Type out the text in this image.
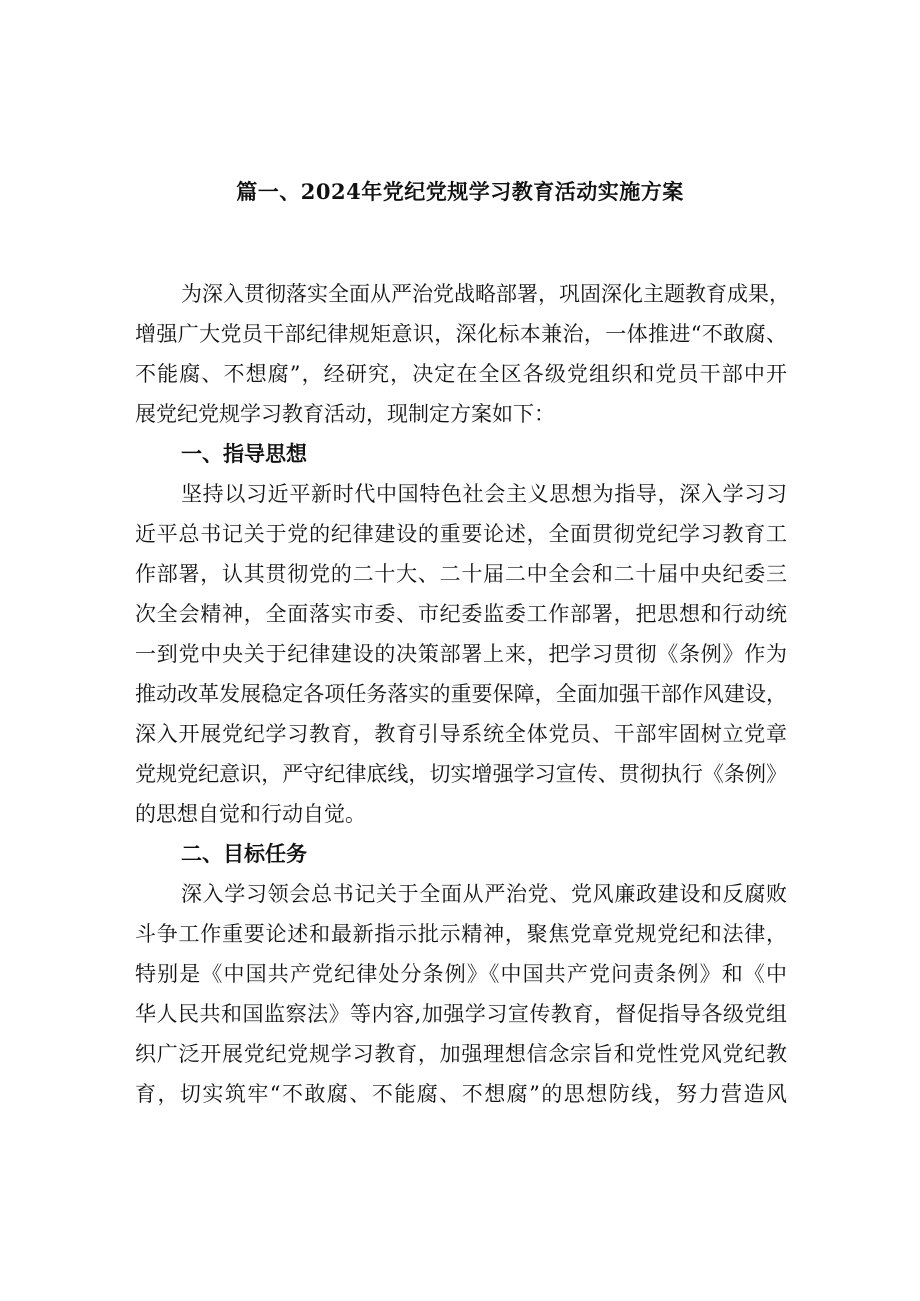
篇一、2024年党纪党规学习教育活动实施方案
为深入贯彻落实全面从严治党战略部署，巩固深化主题教育成果，
增强广大党员干部纪律规矩意识，深化标本兼治，一体推进“不敢腐、
不能腐、不想腐”，经研究，决定在全区各级党组织和党员干部中开
展党纪党规学习教育活动，现制定方案如下：
一、指导思想
坚持以习近平新时代中国特色社会主义思想为指导，深入学习习
近平总书记关于党的纪律建设的重要论述，全面贯彻党纪学习教育工
作部署，认其贯彻党的二十大、二十届二中全会和二十届中央纪委三
次全会精神，全面落实市委、市纪委监委工作部署，把思想和行动统
一到党中央关于纪律建设的决策部署上来，把学习贯彻《条例》作为
推动改革发展稳定各项任务落实的重要保障，全面加强干部作风建设，
深入开展党纪学习教育，教育引导系统全体党员、干部牢固树立党章
党规党纪意识，严守纪律底线，切实增强学习宣传、贯彻执行《条例》
的思想自觉和行动自觉。
二、目标任务
深入学习领会总书记关于全面从严治党、党风廉政建设和反腐败
斗争工作重要论述和最新指示批示精神，聚焦党章党规党纪和法律，
特别是《中国共产党纪律处分条例》《中国共产党问责条例》和《中
华人民共和国监察法》等内容,加强学习宣传教育，督促指导各级党组
织广泛开展党纪党规学习教育，加强理想信念宗旨和党性党风党纪教
育，切实筑牢“不敢腐、不能腐、不想腐”的思想防线，努力营造风
